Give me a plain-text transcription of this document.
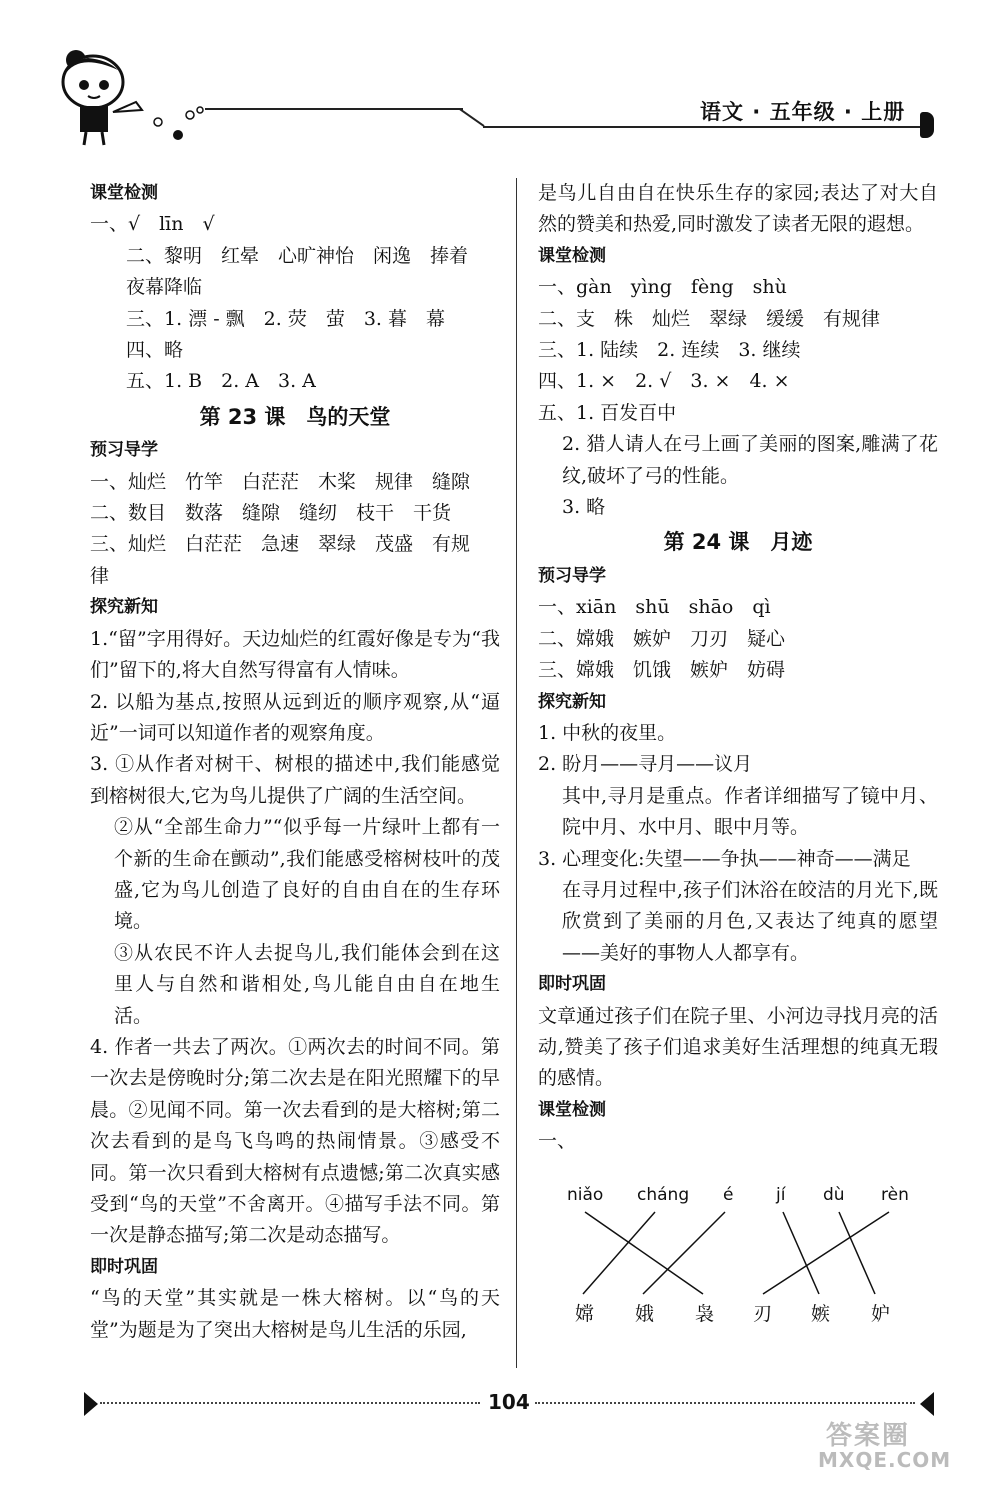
语文 · 五年级 · 上册
课堂检测
一、√　līn　√
二、黎明　红晕　心旷神怡　闲逸　捧着
夜幕降临
三、1. 漂 - 飘　2. 荧　萤　3. 暮　幕
四、略
五、1. B　2. A　3. A
第 23 课　鸟的天堂
预习导学
一、灿烂　竹竿　白茫茫　木桨　规律　缝隙
二、数目　数落　缝隙　缝纫　枝干　干货
三、灿烂　白茫茫　急速　翠绿　茂盛　有规
律
探究新知
1.“留”字用得好。天边灿烂的红霞好像是专为“我们”留下的,将大自然写得富有人情味。
2. 以船为基点,按照从远到近的顺序观察,从“逼近”一词可以知道作者的观察角度。
3. ①从作者对树干、树根的描述中,我们能感觉到榕树很大,它为鸟儿提供了广阔的生活空间。
②从“全部生命力”“似乎每一片绿叶上都有一个新的生命在颤动”,我们能感受榕树枝叶的茂盛,它为鸟儿创造了良好的自由自在的生存环境。
③从农民不许人去捉鸟儿,我们能体会到在这里人与自然和谐相处,鸟儿能自由自在地生活。
4. 作者一共去了两次。①两次去的时间不同。第一次去是傍晚时分;第二次去是在阳光照耀下的早晨。②见闻不同。第一次去看到的是大榕树;第二次去看到的是鸟飞鸟鸣的热闹情景。③感受不同。第一次只看到大榕树有点遗憾;第二次真实感受到“鸟的天堂”不舍离开。④描写手法不同。第一次是静态描写;第二次是动态描写。
即时巩固
“鸟的天堂”其实就是一株大榕树。以“鸟的天堂”为题是为了突出大榕树是鸟儿生活的乐园,
是鸟儿自由自在快乐生存的家园;表达了对大自然的赞美和热爱,同时激发了读者无限的遐想。
课堂检测
一、gàn　yìng　fèng　shù
二、支　株　灿烂　翠绿　缓缓　有规律
三、1. 陆续　2. 连续　3. 继续
四、1. ×　2. √　3. ×　4. ×
五、1. 百发百中
2. 猎人请人在弓上画了美丽的图案,雕满了花纹,破坏了弓的性能。
3. 略
第 24 课　月迹
预习导学
一、xiān　shū　shāo　qì
二、嫦娥　嫉妒　刀刃　疑心
三、嫦娥　饥饿　嫉妒　妨碍
探究新知
1. 中秋的夜里。
2. 盼月——寻月——议月
其中,寻月是重点。作者详细描写了镜中月、院中月、水中月、眼中月等。
3. 心理变化:失望——争执——神奇——满足
在寻月过程中,孩子们沐浴在皎洁的月光下,既欣赏到了美丽的月色,又表达了纯真的愿望——美好的事物人人都享有。
即时巩固
文章通过孩子们在院子里、小河边寻找月亮的活动,赞美了孩子们追求美好生活理想的纯真无瑕的感情。
课堂检测
一、
niǎo cháng é	jí dù rèn
嫦 娥 袅 刃 嫉 妒
104
答案圈
MXQE.COM
